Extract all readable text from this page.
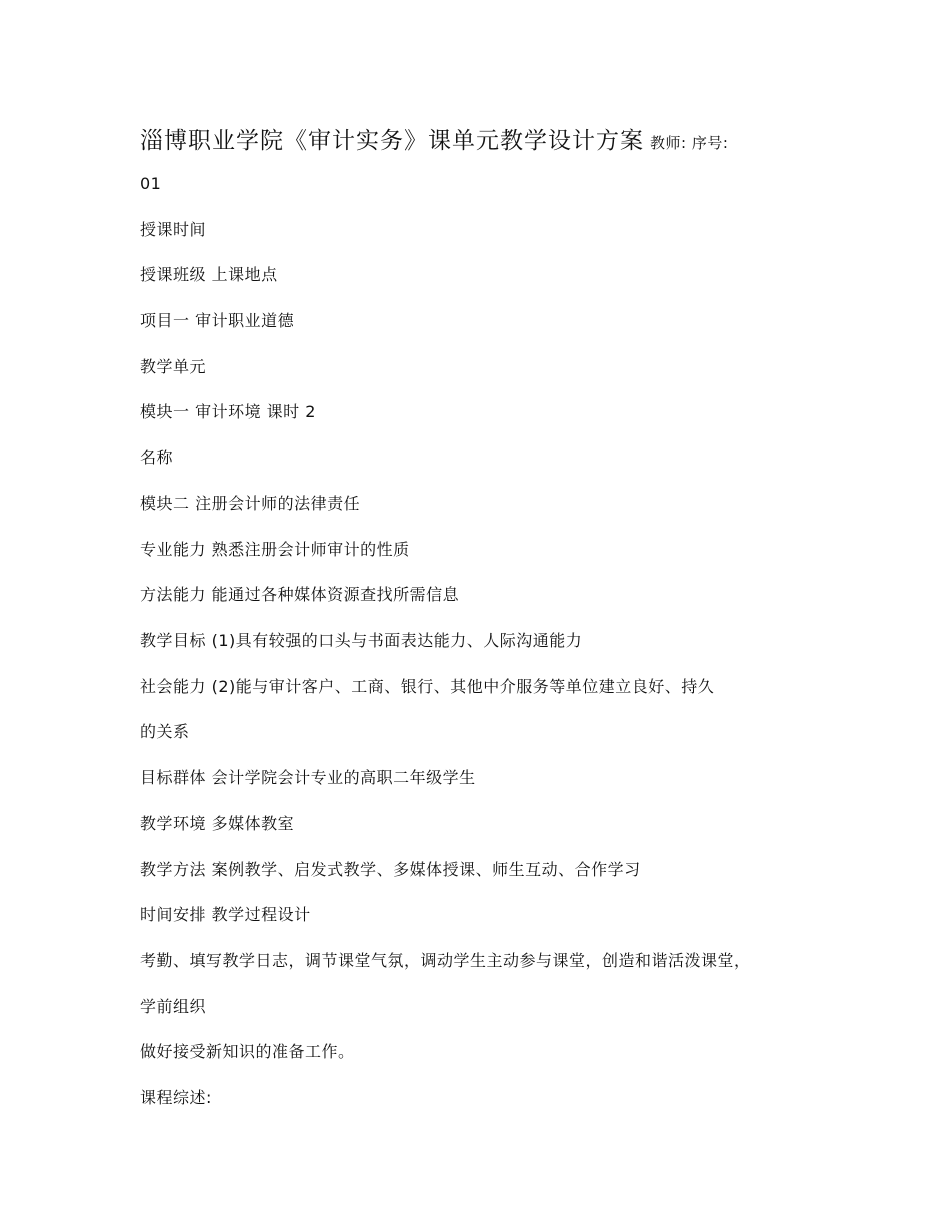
淄博职业学院《审计实务》课单元教学设计方案 教师: 序号:
01
授课时间
授课班级 上课地点
项目一 审计职业道德
教学单元
模块一 审计环境 课时 2
名称
模块二 注册会计师的法律责任
专业能力 熟悉注册会计师审计的性质
方法能力 能通过各种媒体资源查找所需信息
教学目标 (1)具有较强的口头与书面表达能力、人际沟通能力
社会能力 (2)能与审计客户、工商、银行、其他中介服务等单位建立良好、持久
的关系
目标群体 会计学院会计专业的高职二年级学生
教学环境 多媒体教室
教学方法 案例教学、启发式教学、多媒体授课、师生互动、合作学习
时间安排 教学过程设计
考勤、填写教学日志，调节课堂气氛，调动学生主动参与课堂，创造和谐活泼课堂，
学前组织
做好接受新知识的准备工作。
课程综述:
